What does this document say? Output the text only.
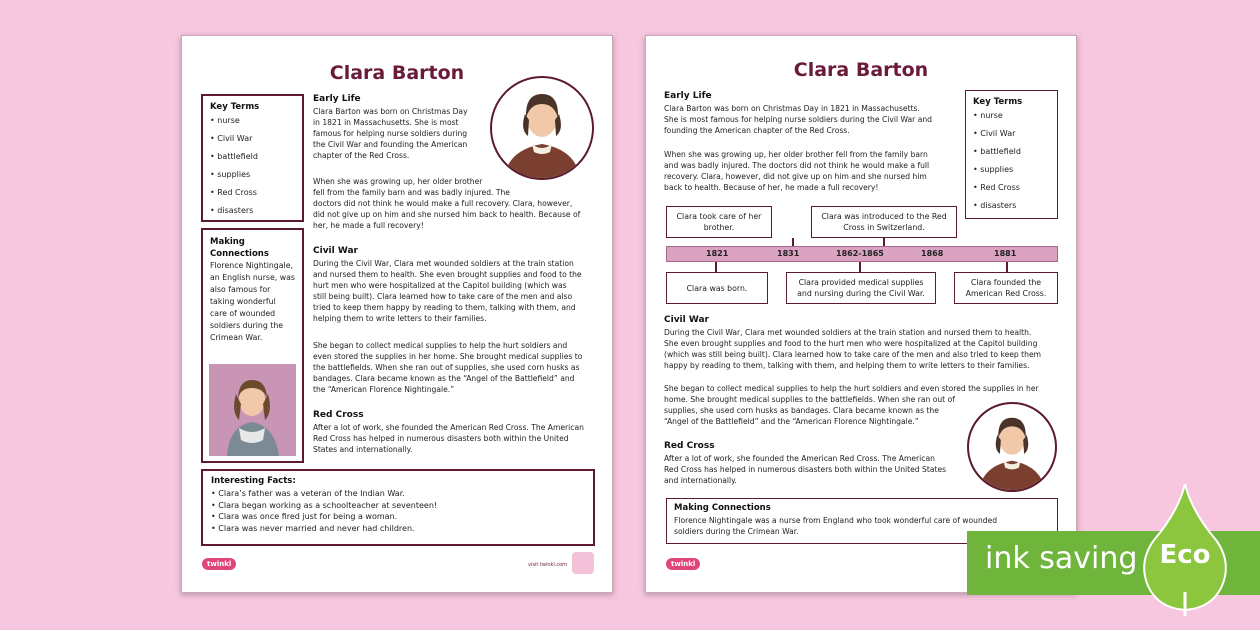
Clara Barton
Key Terms
• nurse
• Civil War
• battlefield
• supplies
• Red Cross
• disasters
Making Connections
Florence Nightingale, an English nurse, was also famous for taking wonderful care of wounded soldiers during the Crimean War.
Early Life
Clara Barton was born on Christmas Day
in 1821 in Massachusetts. She is most
famous for helping nurse soldiers during
the Civil War and founding the American
chapter of the Red Cross.
When she was growing up, her older brother
fell from the family barn and was badly injured. The
doctors did not think he would make a full recovery. Clara, however,
did not give up on him and she nursed him back to health. Because of
her, he made a full recovery!
Civil War
During the Civil War, Clara met wounded soldiers at the train station
and nursed them to health. She even brought supplies and food to the
hurt men who were hospitalized at the Capitol building (which was
still being built). Clara learned how to take care of the men and also
tried to keep them happy by reading to them, talking with them, and
helping them to write letters to their families.
She began to collect medical supplies to help the hurt soldiers and
even stored the supplies in her home. She brought medical supplies to
the battlefields. When she ran out of supplies, she used corn husks as
bandages. Clara became known as the “Angel of the Battlefield” and
the “American Florence Nightingale.”
Red Cross
After a lot of work, she founded the American Red Cross. The American
Red Cross has helped in numerous disasters both within the United
States and internationally.
Interesting Facts:
• Clara’s father was a veteran of the Indian War.
• Clara began working as a schoolteacher at seventeen!
• Clara was once fired just for being a woman.
• Clara was never married and never had children.
twinkl	visit twinkl.com
Clara Barton
Early Life
Clara Barton was born on Christmas Day in 1821 in Massachusetts.
She is most famous for helping nurse soldiers during the Civil War and
founding the American chapter of the Red Cross.
When she was growing up, her older brother fell from the family barn
and was badly injured. The doctors did not think he would make a full
recovery. Clara, however, did not give up on him and she nursed him
back to health. Because of her, he made a full recovery!
Key Terms
• nurse
• Civil War
• battlefield
• supplies
• Red Cross
• disasters
Clara took care of her brother.
Clara was introduced to the Red Cross in Switzerland.
1821	1831	1862-1865	1868	1881
Clara was born.
Clara provided medical supplies and nursing during the Civil War.
Clara founded the American Red Cross.
Civil War
During the Civil War, Clara met wounded soldiers at the train station and nursed them to health.
She even brought supplies and food to the hurt men who were hospitalized at the Capitol building
(which was still being built). Clara learned how to take care of the men and also tried to keep them
happy by reading to them, talking with them, and helping them to write letters to their families.
She began to collect medical supplies to help the hurt soldiers and even stored the supplies in her
home. She brought medical supplies to the battlefields. When she ran out of
supplies, she used corn husks as bandages. Clara became known as the
“Angel of the Battlefield” and the “American Florence Nightingale.”
Red Cross
After a lot of work, she founded the American Red Cross. The American
Red Cross has helped in numerous disasters both within the United States
and internationally.
Making Connections
Florence Nightingale was a nurse from England who took wonderful care of wounded
soldiers during the Crimean War.
twinkl	ink saving Eco
